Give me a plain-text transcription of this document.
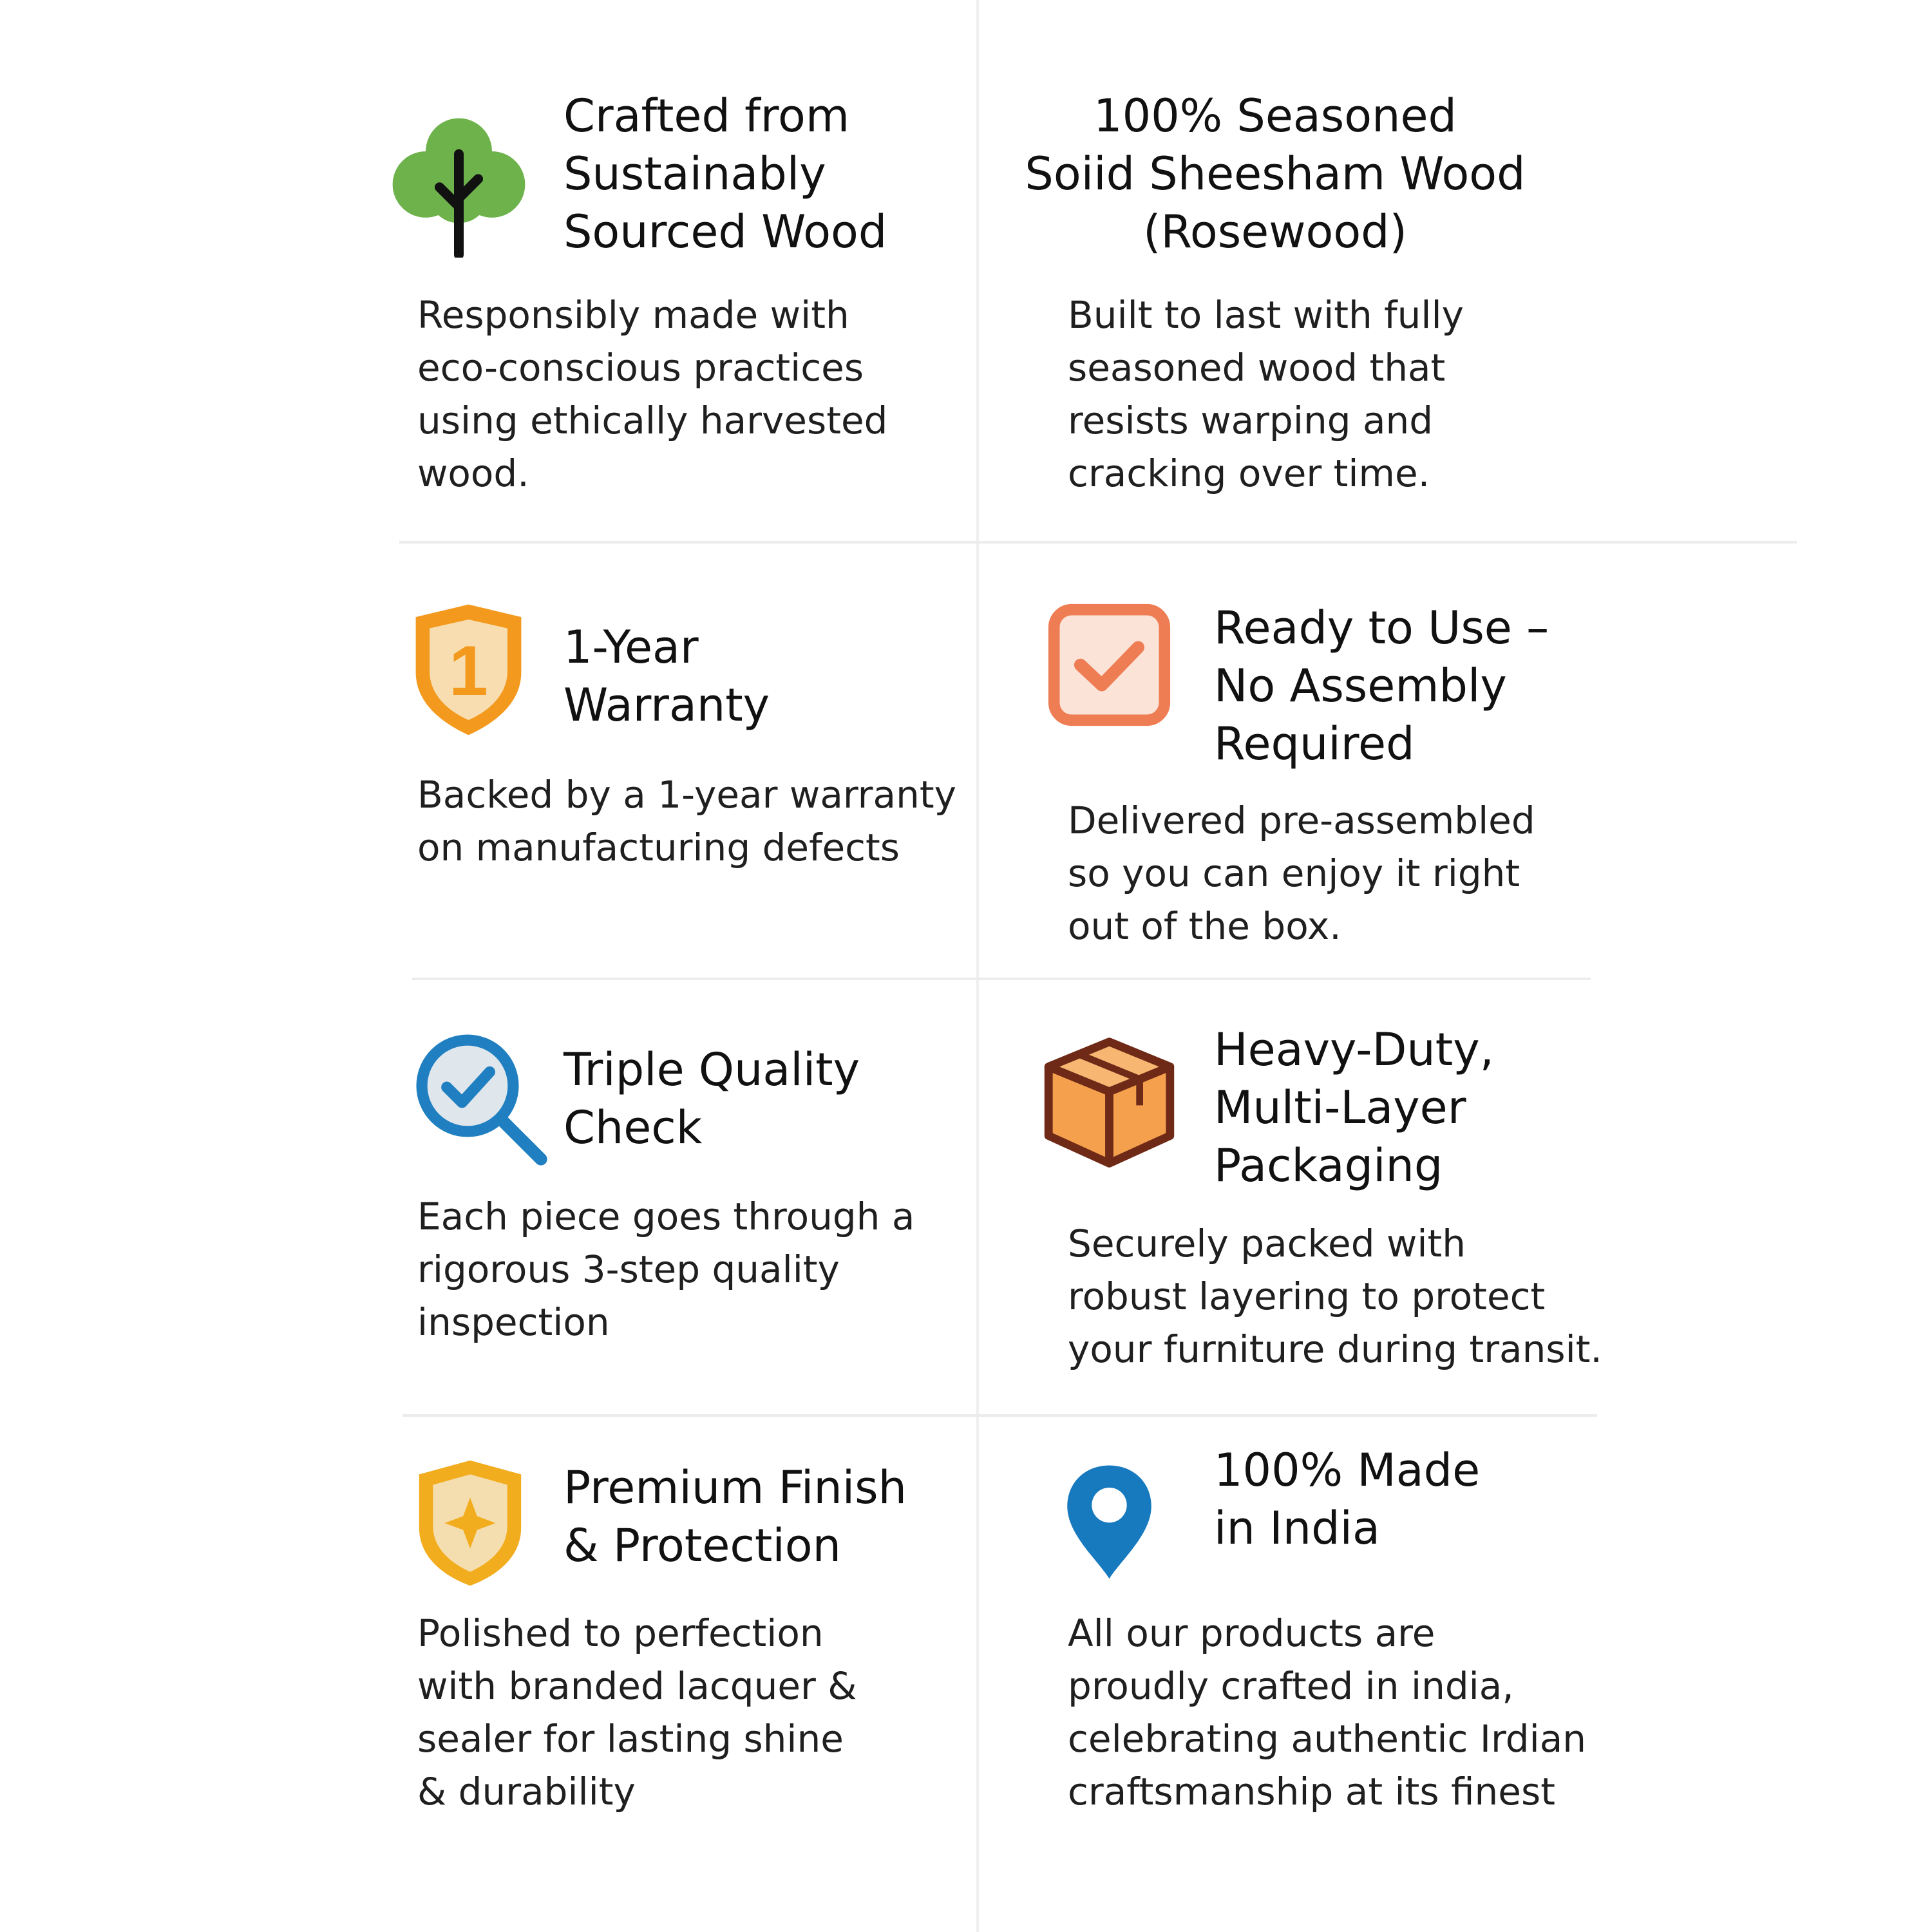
Crafted from
Sustainably
Sourced Wood
Responsibly made with
eco-conscious practices
using ethically harvested
wood.
100% Seasoned
Soiid Sheesham Wood
(Rosewood)
Built to last with fully
seasoned wood that
resists warping and
cracking over time.
1 1-Year
Warranty
Backed by a 1-year warranty
on manufacturing defects
Ready to Use –
No Assembly
Required
Delivered pre-assembled
so you can enjoy it right
out of the box.
Triple Quality
Check
Each piece goes through a
rigorous 3-step quality
inspection
Heavy-Duty,
Multi-Layer
Packaging
Securely packed with
robust layering to protect
your furniture during transit.
Premium Finish
& Protection
Polished to perfection
with branded lacquer &
sealer for lasting shine
& durability
100% Made
in India
All our products are
proudly crafted in india,
celebrating authentic Irdian
craftsmanship at its finest
